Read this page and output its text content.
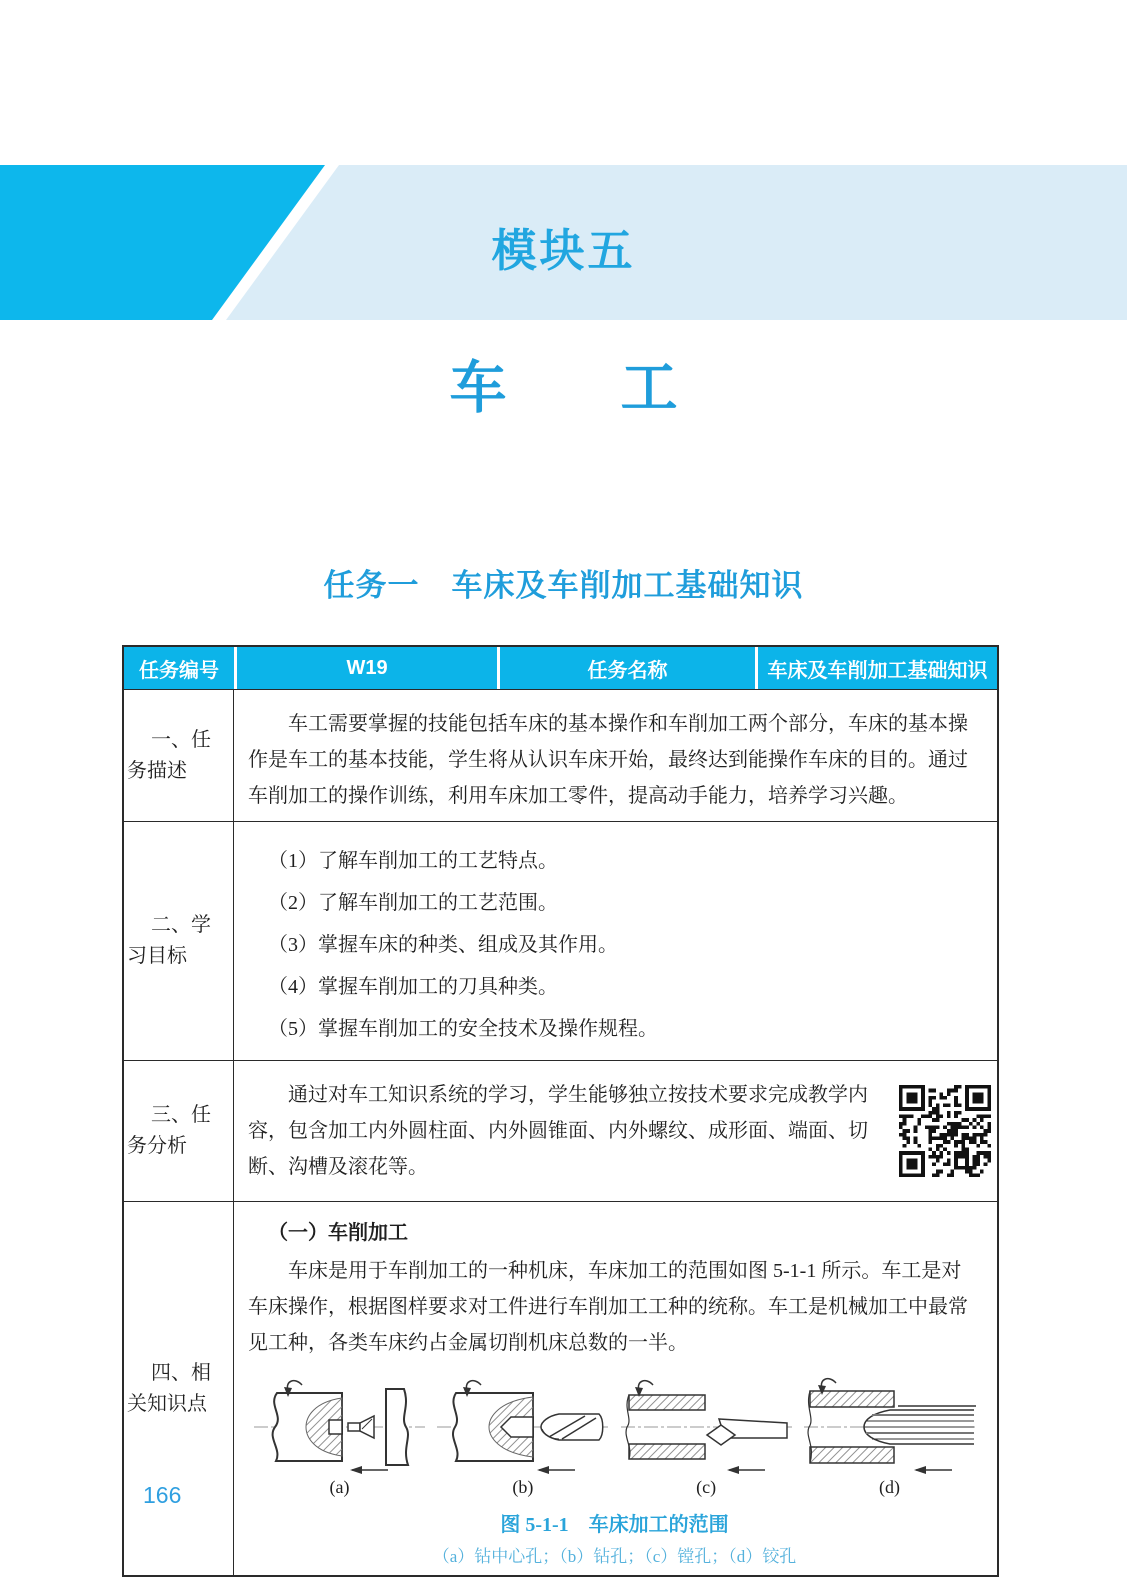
模块五
车　　工
任务一　车床及车削加工基础知识
任务编号	W19	任务名称	车床及车削加工基础知识
一、任务描述

车工需要掌握的技能包括车床的基本操作和车削加工两个部分，车床的基本操作是车工的基本技能，学生将从认识车床开始，最终达到能操作车床的目的。通过车削加工的操作训练，利用车床加工零件，提高动手能力，培养学习兴趣。

二、学习目标
（1）了解车削加工的工艺特点。
（2）了解车削加工的工艺范围。
（3）掌握车床的种类、组成及其作用。
（4）掌握车削加工的刀具种类。
（5）掌握车削加工的安全技术及操作规程。
三、任务分析

通过对车工知识系统的学习，学生能够独立按技术要求完成教学内容，包含加工内外圆柱面、内外圆锥面、内外螺纹、成形面、端面、切断、沟槽及滚花等。

四、相关知识点
（一）车削加工

车床是用于车削加工的一种机床，车床加工的范围如图 5-1-1 所示。车工是对车床操作，根据图样要求对工件进行车削加工工种的统称。车工是机械加工中最常见工种，各类车床约占金属切削机床总数的一半。

(a)	(b)	(c)	(d)
图 5-1-1　车床加工的范围
（a）钻中心孔；（b）钻孔；（c）镗孔；（d）铰孔
166
